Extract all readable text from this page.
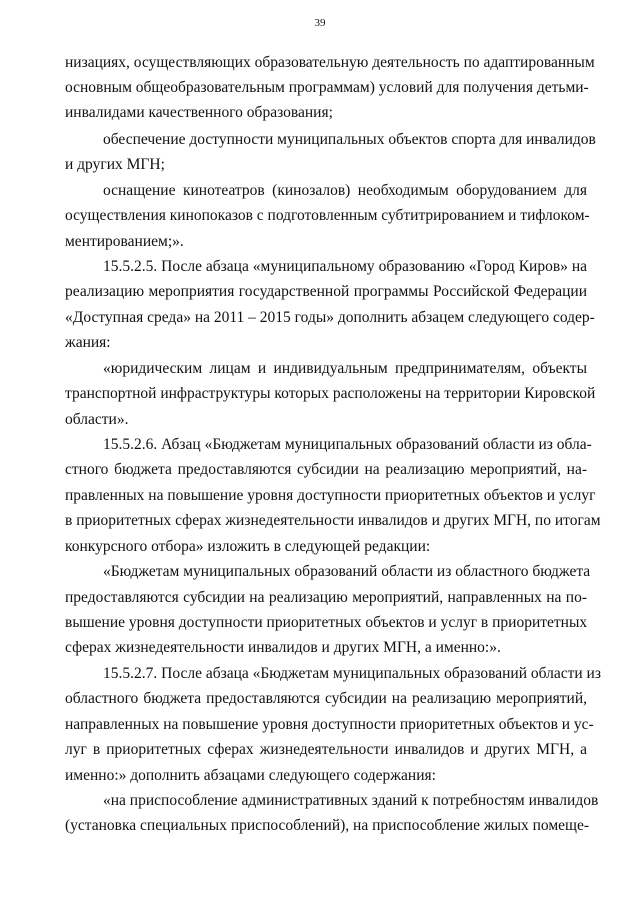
39
низациях, осуществляющих образовательную деятельность по адаптированным
основным общеобразовательным программам) условий для получения детьми-
инвалидами качественного образования;
обеспечение доступности муниципальных объектов спорта для инвалидов
и других МГН;
оснащение кинотеатров (кинозалов) необходимым оборудованием для
осуществления кинопоказов с подготовленным субтитрированием и тифлоком-
ментированием;».
15.5.2.5. После абзаца «муниципальному образованию «Город Киров» на
реализацию мероприятия государственной программы Российской Федерации
«Доступная среда» на 2011 – 2015 годы» дополнить абзацем следующего содер-
жания:
«юридическим лицам и индивидуальным предпринимателям, объекты
транспортной инфраструктуры которых расположены на территории Кировской
области».
15.5.2.6. Абзац «Бюджетам муниципальных образований области из обла-
стного бюджета предоставляются субсидии на реализацию мероприятий, на-
правленных на повышение уровня доступности приоритетных объектов и услуг
в приоритетных сферах жизнедеятельности инвалидов и других МГН, по итогам
конкурсного отбора» изложить в следующей редакции:
«Бюджетам муниципальных образований области из областного бюджета
предоставляются субсидии на реализацию мероприятий, направленных на по-
вышение уровня доступности приоритетных объектов и услуг в приоритетных
сферах жизнедеятельности инвалидов и других МГН, а именно:».
15.5.2.7. После абзаца «Бюджетам муниципальных образований области из
областного бюджета предоставляются субсидии на реализацию мероприятий,
направленных на повышение уровня доступности приоритетных объектов и ус-
луг в приоритетных сферах жизнедеятельности инвалидов и других МГН, а
именно:» дополнить абзацами следующего содержания:
«на приспособление административных зданий к потребностям инвалидов
(установка специальных приспособлений), на приспособление жилых помеще-
